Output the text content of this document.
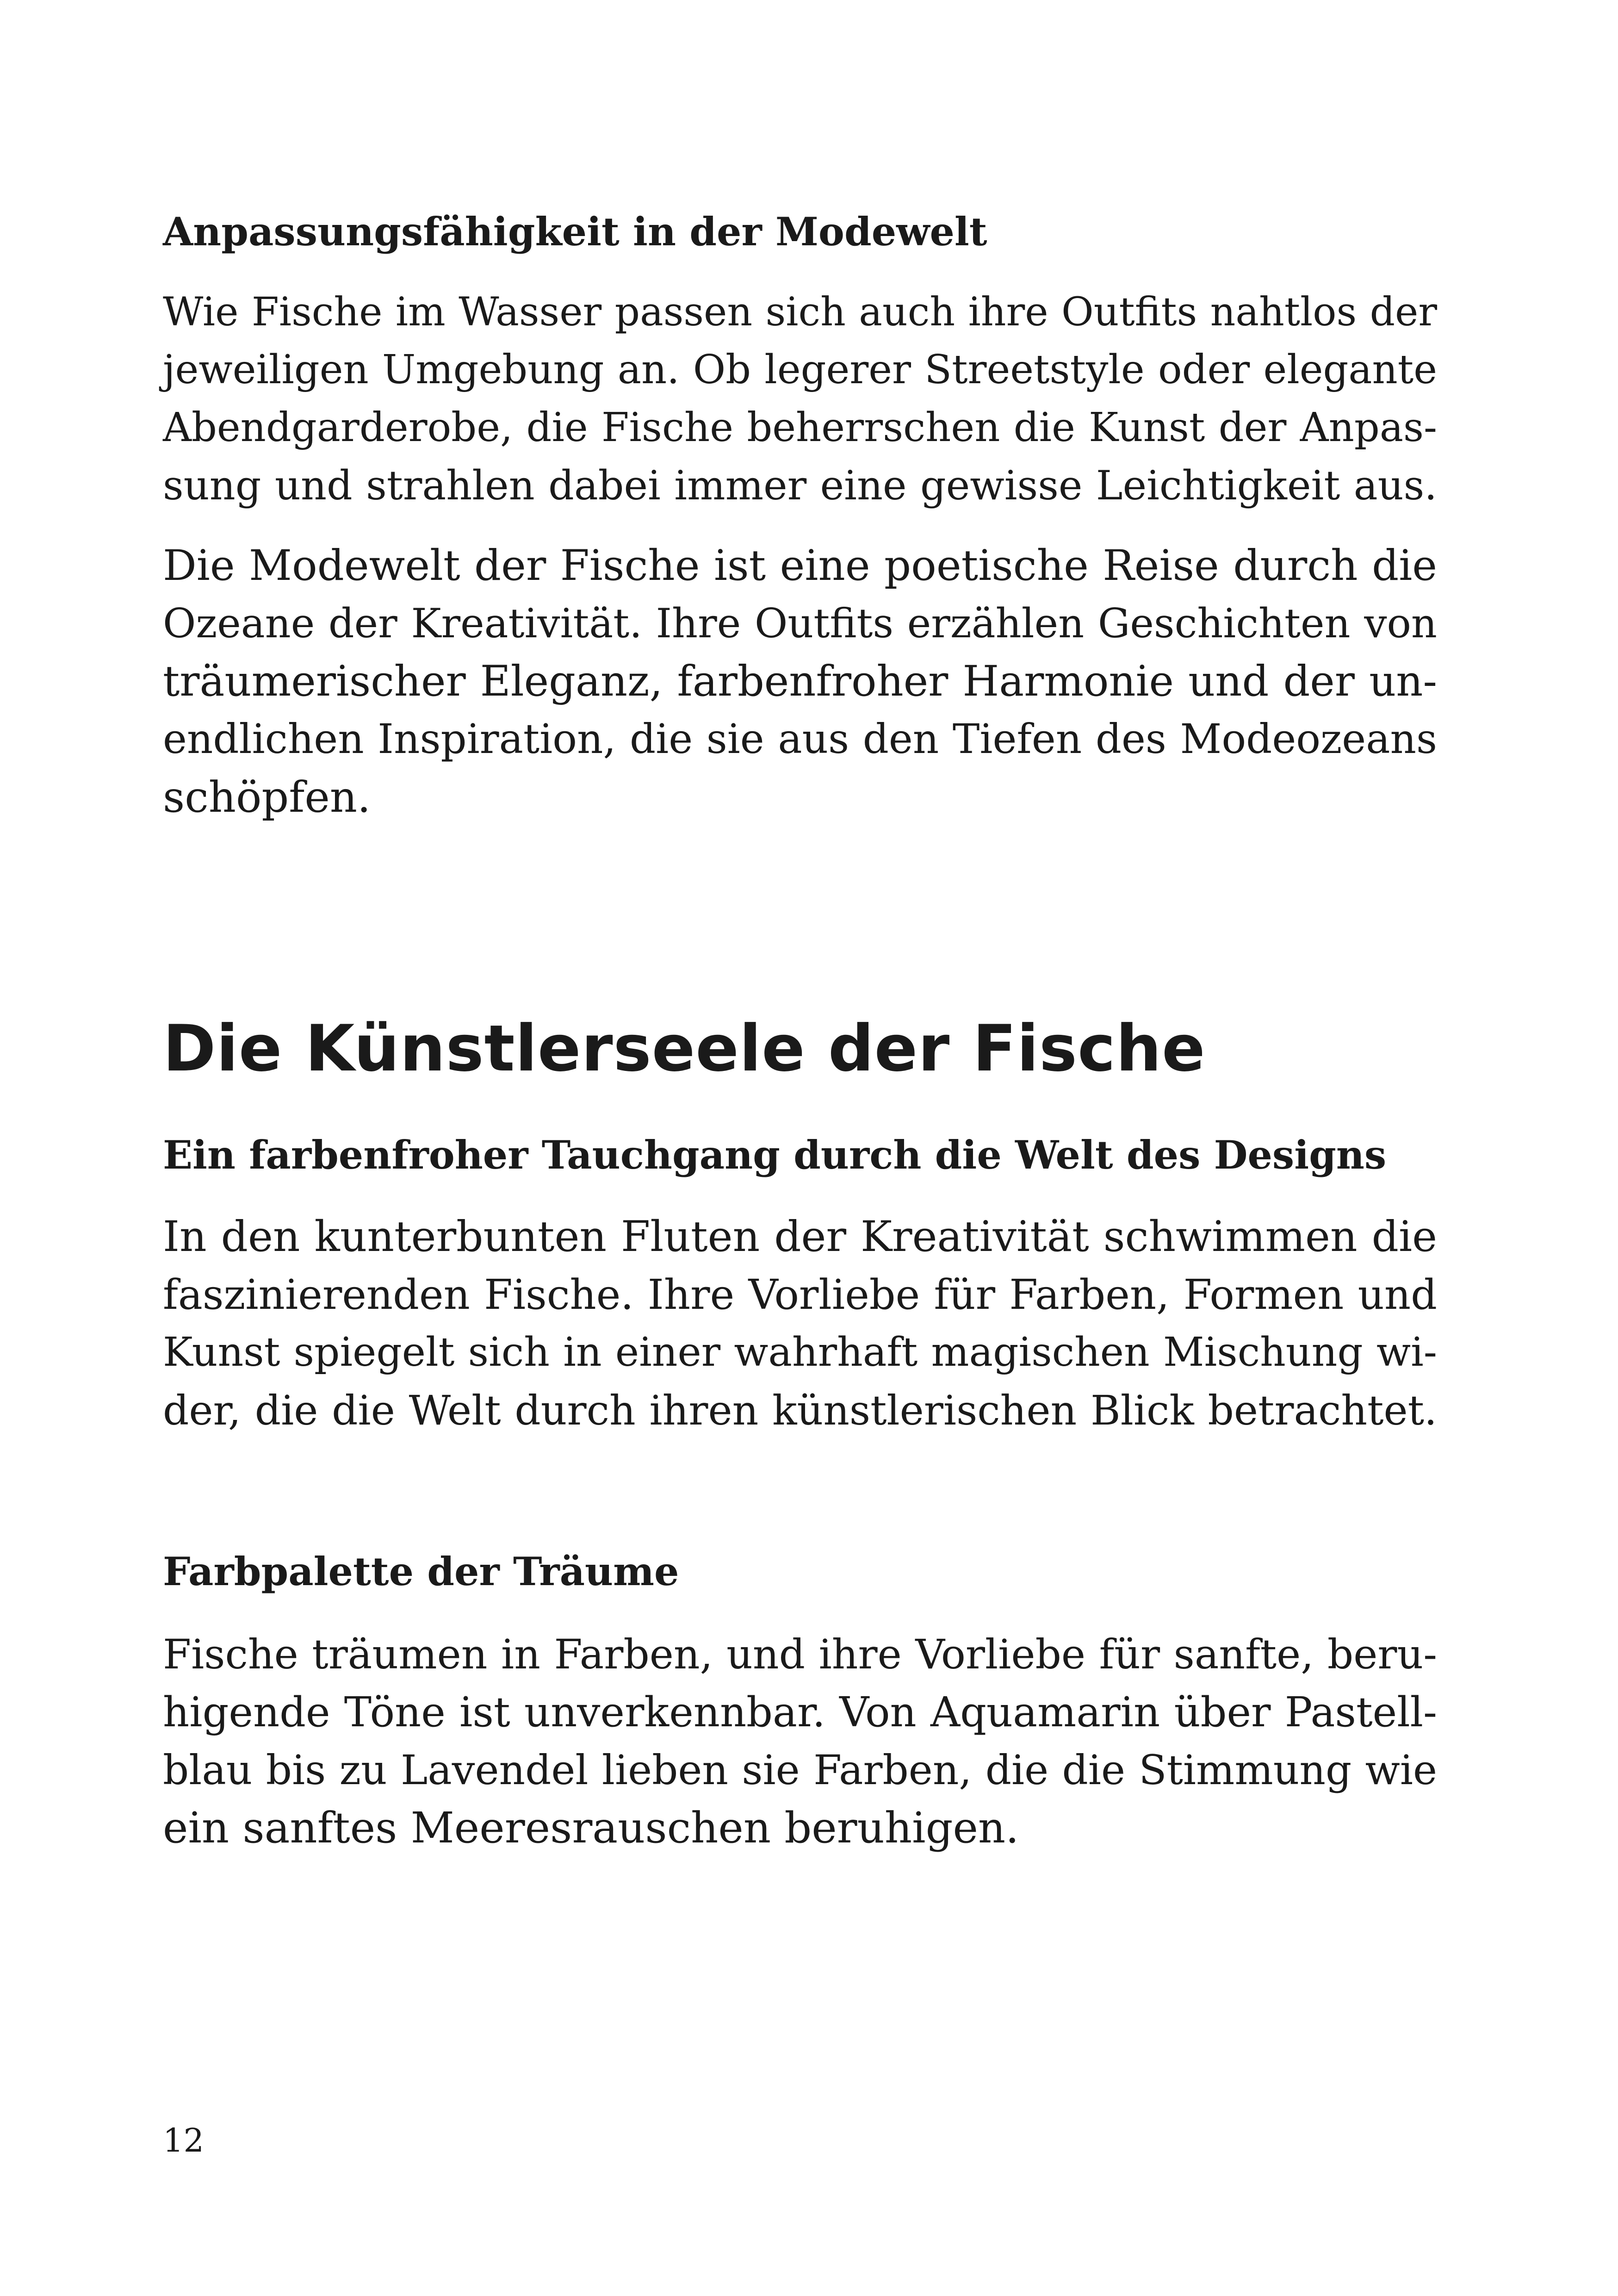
Anpassungsfähigkeit in der Modewelt

Wie Fische im Wasser passen sich auch ihre Outfits nahtlos der
jeweiligen Umgebung an. Ob legerer Streetstyle oder elegante
Abendgarderobe, die Fische beherrschen die Kunst der Anpas-
sung und strahlen dabei immer eine gewisse Leichtigkeit aus.

Die Modewelt der Fische ist eine poetische Reise durch die
Ozeane der Kreativität. Ihre Outfits erzählen Geschichten von
träumerischer Eleganz, farbenfroher Harmonie und der un-
endlichen Inspiration, die sie aus den Tiefen des Modeozeans
schöpfen.

Die Künstlerseele der Fische
Ein farbenfroher Tauchgang durch die Welt des Designs

In den kunterbunten Fluten der Kreativität schwimmen die
faszinierenden Fische. Ihre Vorliebe für Farben, Formen und
Kunst spiegelt sich in einer wahrhaft magischen Mischung wi-
der, die die Welt durch ihren künstlerischen Blick betrachtet.

Farbpalette der Träume

Fische träumen in Farben, und ihre Vorliebe für sanfte, beru-
higende Töne ist unverkennbar. Von Aquamarin über Pastell-
blau bis zu Lavendel lieben sie Farben, die die Stimmung wie
ein sanftes Meeresrauschen beruhigen.

12
